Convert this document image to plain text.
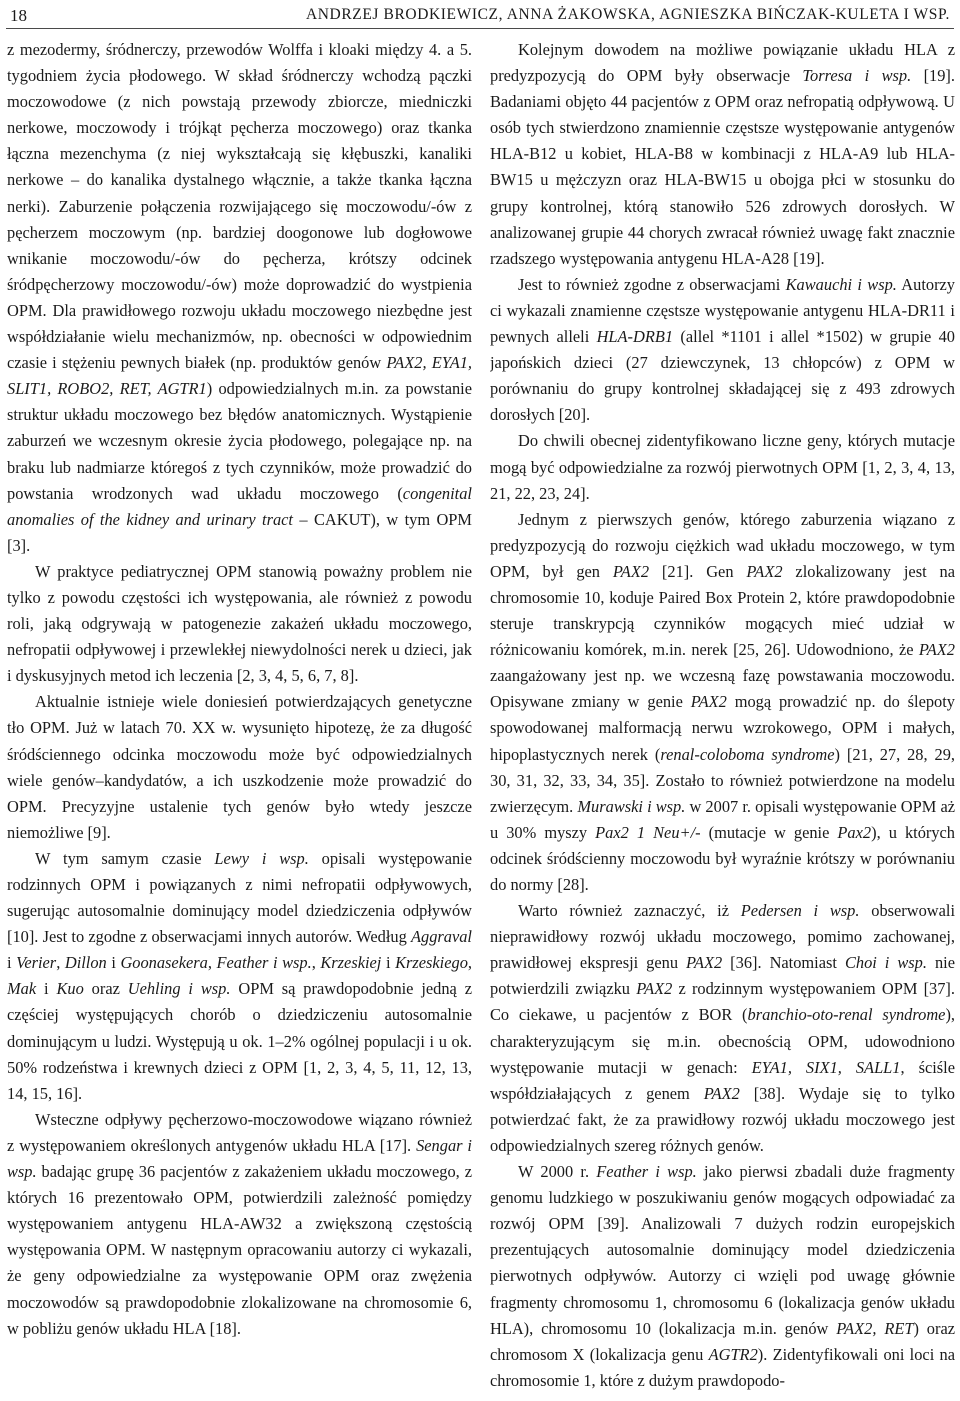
18	ANDRZEJ BRODKIEWICZ, ANNA ŻAKOWSKA, AGNIESZKA BIŃCZAK-KULETA I WSP.

z mezodermy, śródnerczy, przewodów Wolffa i kloaki między 4. a 5. tygodniem życia płodowego. W skład śródnerczy wchodzą pączki moczowodowe (z nich powstają przewody zbiorcze, miedniczki nerkowe, moczowody i trójkąt pęcherza moczowego) oraz tkanka łączna mezenchyma (z niej wykształcają się kłębuszki, kanaliki nerkowe – do kanalika dystalnego włącznie, a także tkanka łączna nerki). Zaburzenie połączenia rozwijającego się moczowodu/-ów z pęcherzem moczowym (np. bardziej doogonowe lub dogłowowe wnikanie moczowodu/-ów do pęcherza, krótszy odcinek śródpęcherzowy moczowodu/-ów) może doprowadzić do wystpienia OPM. Dla prawidłowego rozwoju układu moczowego niezbędne jest współdziałanie wielu mechanizmów, np. obecności w odpowiednim czasie i stężeniu pewnych białek (np. produktów genów PAX2, EYA1, SLIT1, ROBO2, RET, AGTR1) odpowiedzialnych m.in. za powstanie struktur układu moczowego bez błędów anatomicznych. Wystąpienie zaburzeń we wczesnym okresie życia płodowego, polegające np. na braku lub nadmiarze któregoś z tych czynników, może prowadzić do powstania wrodzonych wad układu moczowego (congenital anomalies of the kidney and urinary tract – CAKUT), w tym OPM [3].

W praktyce pediatrycznej OPM stanowią poważny problem nie tylko z powodu częstości ich występowania, ale również z powodu roli, jaką odgrywają w patogenezie zakażeń układu moczowego, nefropatii odpływowej i przewlekłej niewydolności nerek u dzieci, jak i dyskusyjnych metod ich leczenia [2, 3, 4, 5, 6, 7, 8].

Aktualnie istnieje wiele doniesień potwierdzających genetyczne tło OPM. Już w latach 70. XX w. wysunięto hipotezę, że za długość śródściennego odcinka moczowodu może być odpowiedzialnych wiele genów–kandydatów, a ich uszkodzenie może prowadzić do OPM. Precyzyjne ustalenie tych genów było wtedy jeszcze niemożliwe [9].

W tym samym czasie Lewy i wsp. opisali występowanie rodzinnych OPM i powiązanych z nimi nefropatii odpływowych, sugerując autosomalnie dominujący model dziedziczenia odpływów [10]. Jest to zgodne z obserwacjami innych autorów. Według Aggraval i Verier, Dillon i Goonasekera, Feather i wsp., Krzeskiej i Krzeskiego, Mak i Kuo oraz Uehling i wsp. OPM są prawdopodobnie jedną z częściej występujących chorób o dziedziczeniu autosomalnie dominującym u ludzi. Występują u ok. 1–2% ogólnej populacji i u ok. 50% rodzeństwa i krewnych dzieci z OPM [1, 2, 3, 4, 5, 11, 12, 13, 14, 15, 16].

Wsteczne odpływy pęcherzowo-moczowodowe wiązano również z występowaniem określonych antygenów układu HLA [17]. Sengar i wsp. badając grupę 36 pacjentów z zakażeniem układu moczowego, z których 16 prezentowało OPM, potwierdzili zależność pomiędzy występowaniem antygenu HLA-AW32 a zwiększoną częstością występowania OPM. W następnym opracowaniu autorzy ci wykazali, że geny odpowiedzialne za występowanie OPM oraz zwężenia moczowodów są prawdopodobnie zlokalizowane na chromosomie 6, w pobliżu genów układu HLA [18].

Kolejnym dowodem na możliwe powiązanie układu HLA z predyzpozycją do OPM były obserwacje Torresa i wsp. [19]. Badaniami objęto 44 pacjentów z OPM oraz nefropatią odpływową. U osób tych stwierdzono znamiennie częstsze występowanie antygenów HLA-B12 u kobiet, HLA-B8 w kombinacji z HLA-A9 lub HLA-BW15 u mężczyzn oraz HLA-BW15 u obojga płci w stosunku do grupy kontrolnej, którą stanowiło 526 zdrowych dorosłych. W analizowanej grupie 44 chorych zwracał również uwagę fakt znacznie rzadszego występowania antygenu HLA-A28 [19].

Jest to również zgodne z obserwacjami Kawauchi i wsp. Autorzy ci wykazali znamienne częstsze występowanie antygenu HLA-DR11 i pewnych alleli HLA-DRB1 (allel *1101 i allel *1502) w grupie 40 japońskich dzieci (27 dziewczynek, 13 chłopców) z OPM w porównaniu do grupy kontrolnej składającej się z 493 zdrowych dorosłych [20].

Do chwili obecnej zidentyfikowano liczne geny, których mutacje mogą być odpowiedzialne za rozwój pierwotnych OPM [1, 2, 3, 4, 13, 21, 22, 23, 24].

Jednym z pierwszych genów, którego zaburzenia wiązano z predyzpozycją do rozwoju ciężkich wad układu moczowego, w tym OPM, był gen PAX2 [21]. Gen PAX2 zlokalizowany jest na chromosomie 10, koduje Paired Box Protein 2, które prawdopodobnie steruje transkrypcją czynników mogących mieć udział w różnicowaniu komórek, m.in. nerek [25, 26]. Udowodniono, że PAX2 zaangażowany jest np. we wczesną fazę powstawania moczowodu. Opisywane zmiany w genie PAX2 mogą prowadzić np. do ślepoty spowodowanej malformacją nerwu wzrokowego, OPM i małych, hipoplastycznych nerek (renal-coloboma syndrome) [21, 27, 28, 29, 30, 31, 32, 33, 34, 35]. Zostało to również potwierdzone na modelu zwierzęcym. Murawski i wsp. w 2007 r. opisali występowanie OPM aż u 30% myszy Pax2 1 Neu+/- (mutacje w genie Pax2), u których odcinek śródścienny moczowodu był wyraźnie krótszy w porównaniu do normy [28].

Warto również zaznaczyć, iż Pedersen i wsp. obserwowali nieprawidłowy rozwój układu moczowego, pomimo zachowanej, prawidłowej ekspresji genu PAX2 [36]. Natomiast Choi i wsp. nie potwierdzili związku PAX2 z rodzinnym występowaniem OPM [37]. Co ciekawe, u pacjentów z BOR (branchio-oto-renal syndrome), charakteryzującym się m.in. obecnością OPM, udowodniono występowanie mutacji w genach: EYA1, SIX1, SALL1, ściśle współdziałających z genem PAX2 [38]. Wydaje się to tylko potwierdzać fakt, że za prawidłowy rozwój układu moczowego jest odpowiedzialnych szereg różnych genów.

W 2000 r. Feather i wsp. jako pierwsi zbadali duże fragmenty genomu ludzkiego w poszukiwaniu genów mogących odpowiadać za rozwój OPM [39]. Analizowali 7 dużych rodzin europejskich prezentujących autosomalnie dominujący model dziedziczenia pierwotnych odpływów. Autorzy ci wzięli pod uwagę głównie fragmenty chromosomu 1, chromosomu 6 (lokalizacja genów układu HLA), chromosomu 10 (lokalizacja m.in. genów PAX2, RET) oraz chromosom X (lokalizacja genu AGTR2). Zidentyfikowali oni loci na chromosomie 1, które z dużym prawdopodo-
